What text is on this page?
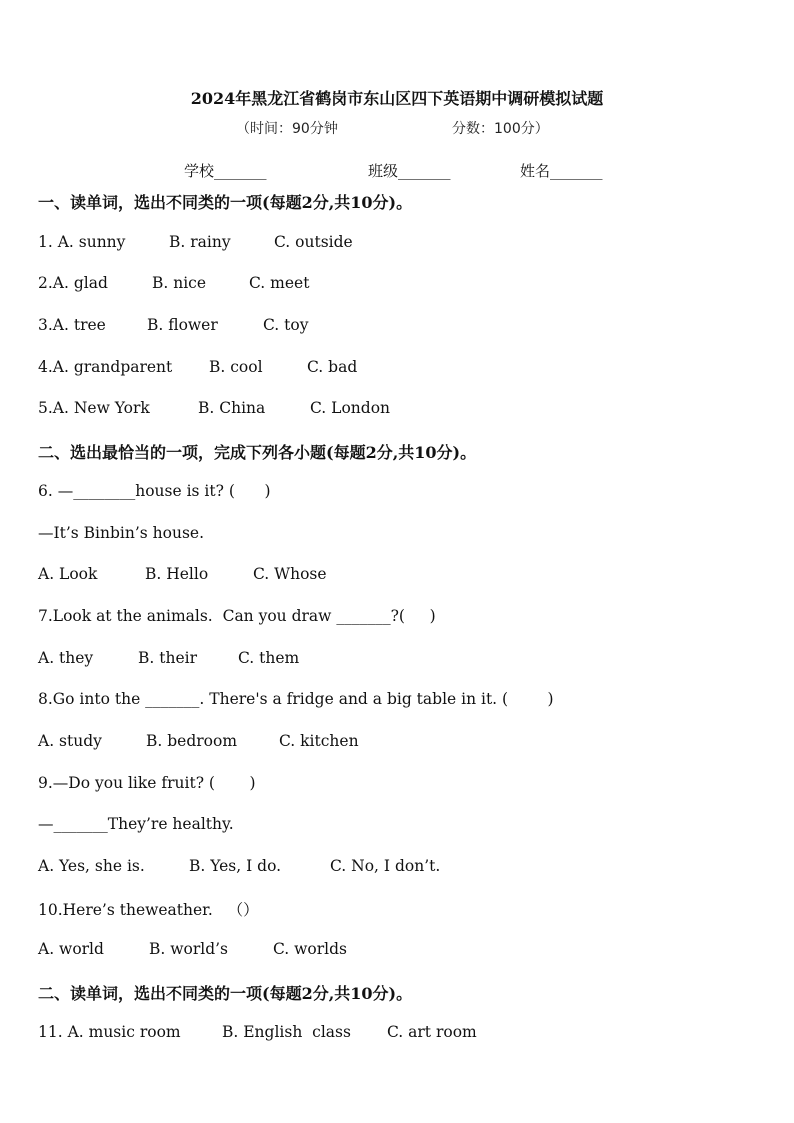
2024年黑龙江省鹤岗市东山区四下英语期中调研模拟试题
（时间：90分钟	分数：100分）
学校_______	班级_______	姓名_______
一、读单词，选出不同类的一项(每题2分,共10分)。
1. A. sunny	B. rainy	C. outside
2.A. glad	B. nice	C. meet
3.A. tree	B. flower	C. toy
4.A. grandparent B. cool	C. bad
5.A. New York	B. China	C. London
二、选出最恰当的一项，完成下列各小题(每题2分,共10分)。
6. —________house is it? (      )
—It’s Binbin’s house.
A. Look	B. Hello	C. Whose
7.Look at the animals.  Can you draw _______?(     )
A. they	B. their	C. them
8.Go into the _______. There's a fridge and a big table in it. (        )
A. study	B. bedroom	C. kitchen
9.—Do you like fruit? (       )
—_______They’re healthy.
A. Yes, she is.	B. Yes, I do.	C. No, I don’t.
10.Here’s theweather.   （）
A. world	B. world’s	C. worlds
二、读单词，选出不同类的一项(每题2分,共10分)。
11. A. music room	B. English  class C. art room
